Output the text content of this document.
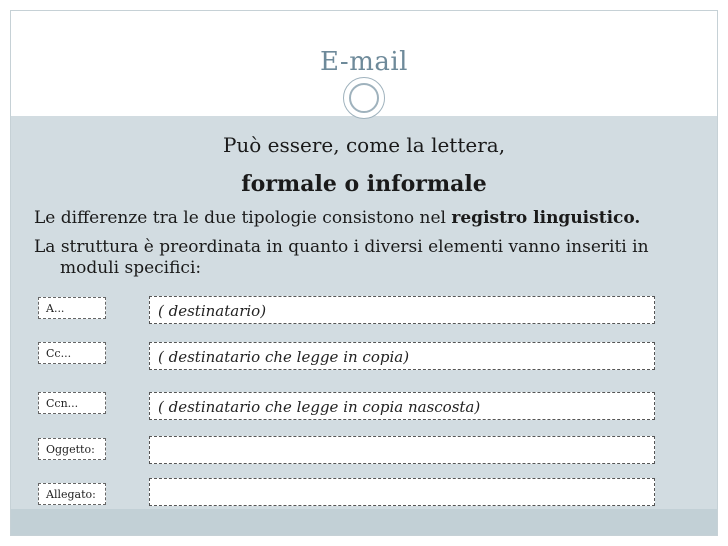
E-mail
Può essere, come la lettera,
formale o informale
Le differenze tra le due tipologie consistono nel registro linguistico.
La struttura è preordinata in quanto i diversi elementi vanno inseriti in
moduli specifici:
A...	( destinatario)
Cc...	( destinatario che legge in copia)
Ccn...	( destinatario che legge in copia nascosta)
Oggetto:
Allegato:
